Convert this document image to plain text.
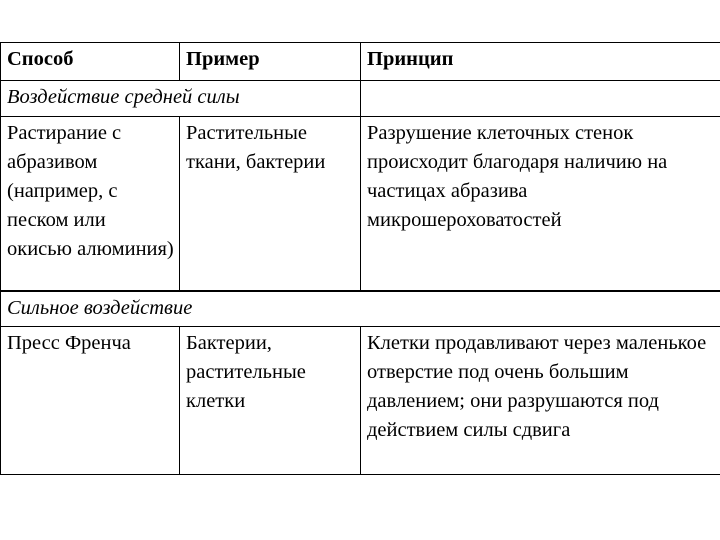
Способ	Пример	Принцип
Воздействие средней силы		
Растирание с абразивом (например, с песком или окисью алюминия)	Растительные ткани, бактерии	Разрушение клеточных стенок происходит благодаря наличию на частицах абразива микрошероховатостей
Сильное воздействие		
Пресс Френча	Бактерии, растительные клетки	Клетки продавливают через маленькое отверстие под очень большим давлением; они разрушаются под действием силы сдвига
